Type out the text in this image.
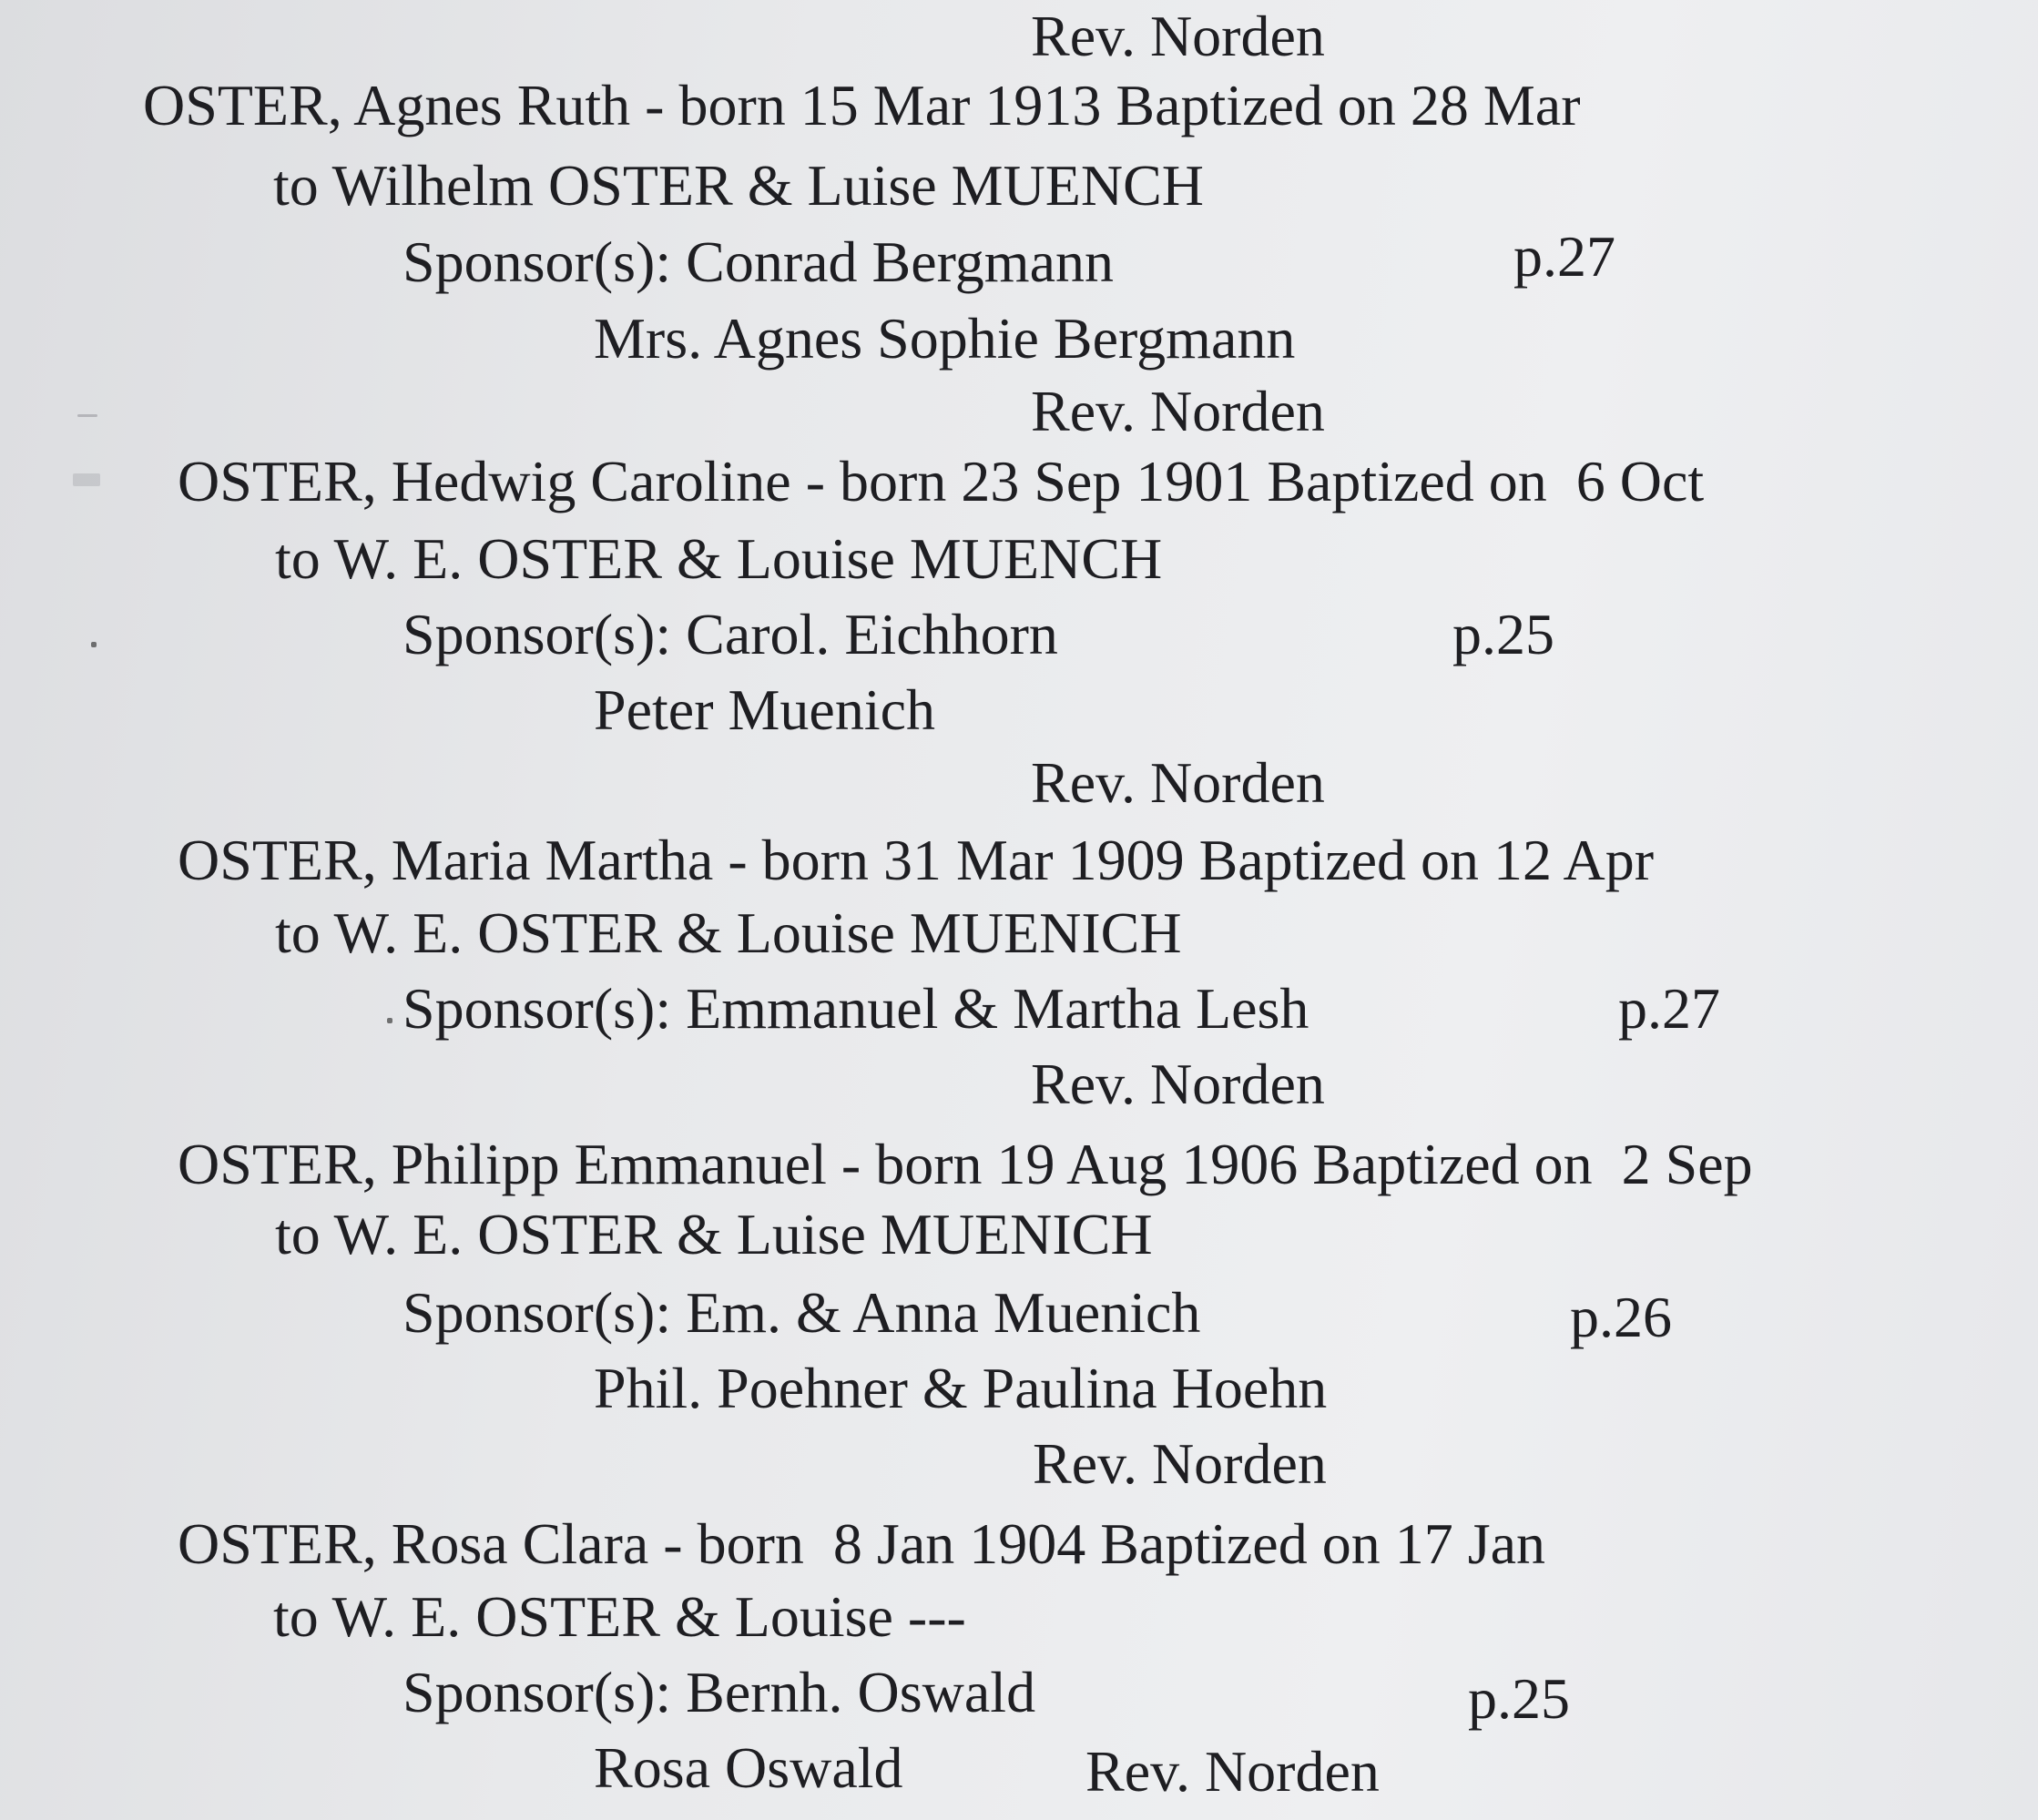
Rev. Norden
OSTER, Agnes Ruth - born 15 Mar 1913 Baptized on 28 Mar
to Wilhelm OSTER & Luise MUENCH
Sponsor(s): Conrad Bergmann	p.27
Mrs. Agnes Sophie Bergmann
Rev. Norden
OSTER, Hedwig Caroline - born 23 Sep 1901 Baptized on  6 Oct
to W. E. OSTER & Louise MUENCH
Sponsor(s): Carol. Eichhorn	p.25
Peter Muenich
Rev. Norden
OSTER, Maria Martha - born 31 Mar 1909 Baptized on 12 Apr
to W. E. OSTER & Louise MUENICH
Sponsor(s): Emmanuel & Martha Lesh	p.27
Rev. Norden
OSTER, Philipp Emmanuel - born 19 Aug 1906 Baptized on  2 Sep
to W. E. OSTER & Luise MUENICH
Sponsor(s): Em. & Anna Muenich	p.26
Phil. Poehner & Paulina Hoehn
Rev. Norden
OSTER, Rosa Clara - born  8 Jan 1904 Baptized on 17 Jan
to W. E. OSTER & Louise ---
Sponsor(s): Bernh. Oswald	p.25
Rosa Oswald	Rev. Norden
